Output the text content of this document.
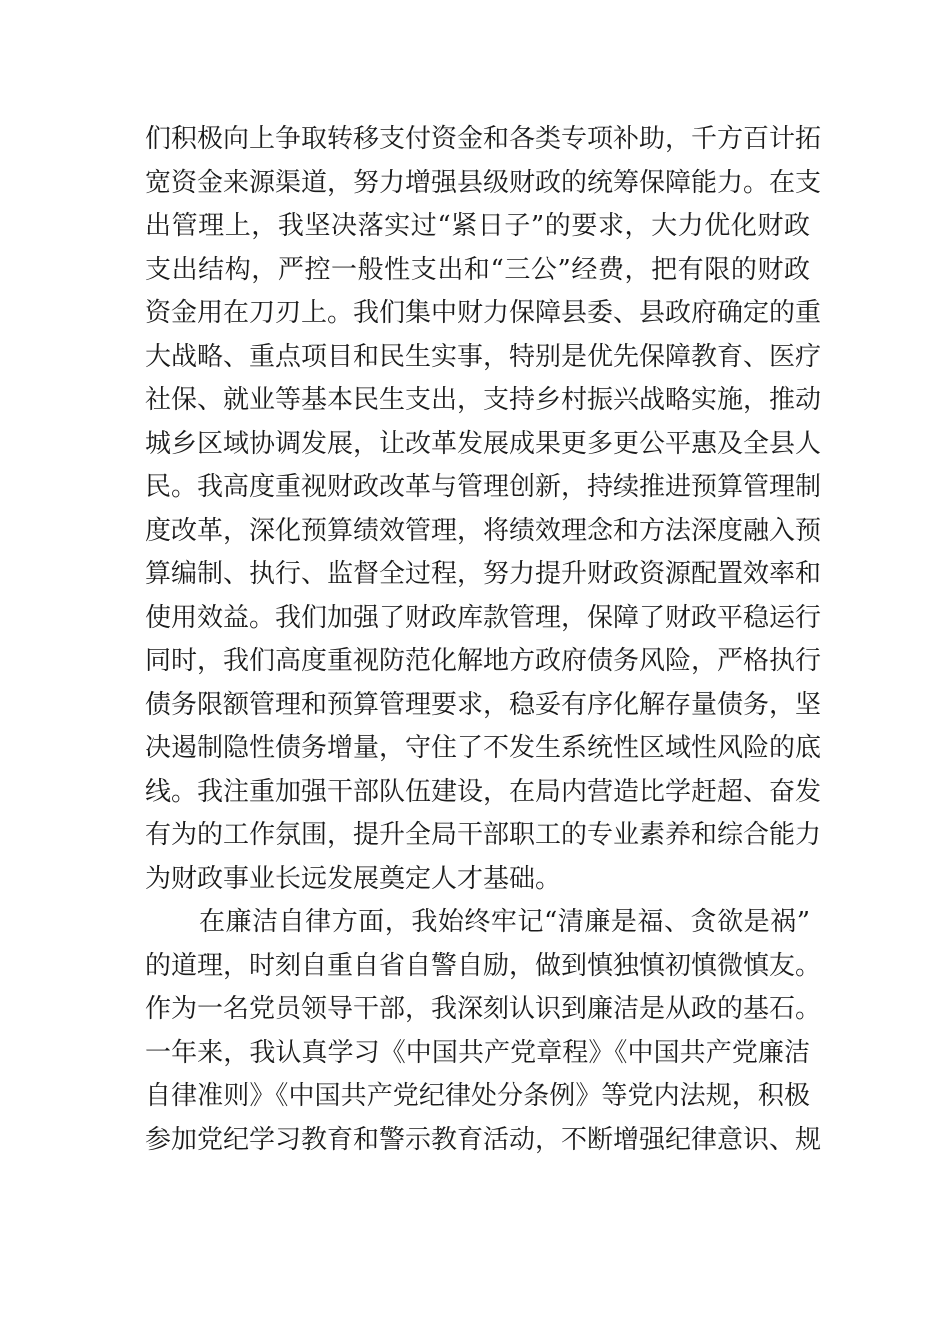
们积极向上争取转移支付资金和各类专项补助，千方百计拓
宽资金来源渠道，努力增强县级财政的统筹保障能力。在支
出管理上，我坚决落实过“紧日子”的要求，大力优化财政
支出结构，严控一般性支出和“三公”经费，把有限的财政
资金用在刀刃上。我们集中财力保障县委、县政府确定的重
大战略、重点项目和民生实事，特别是优先保障教育、医疗
社保、就业等基本民生支出，支持乡村振兴战略实施，推动
城乡区域协调发展，让改革发展成果更多更公平惠及全县人
民。我高度重视财政改革与管理创新，持续推进预算管理制
度改革，深化预算绩效管理，将绩效理念和方法深度融入预
算编制、执行、监督全过程，努力提升财政资源配置效率和
使用效益。我们加强了财政库款管理，保障了财政平稳运行
同时，我们高度重视防范化解地方政府债务风险，严格执行
债务限额管理和预算管理要求，稳妥有序化解存量债务，坚
决遏制隐性债务增量，守住了不发生系统性区域性风险的底
线。我注重加强干部队伍建设，在局内营造比学赶超、奋发
有为的工作氛围，提升全局干部职工的专业素养和综合能力
为财政事业长远发展奠定人才基础。
在廉洁自律方面，我始终牢记“清廉是福、贪欲是祸”
的道理，时刻自重自省自警自励，做到慎独慎初慎微慎友。
作为一名党员领导干部，我深刻认识到廉洁是从政的基石。
一年来，我认真学习《中国共产党章程》《中国共产党廉洁
自律准则》《中国共产党纪律处分条例》等党内法规，积极
参加党纪学习教育和警示教育活动，不断增强纪律意识、规
